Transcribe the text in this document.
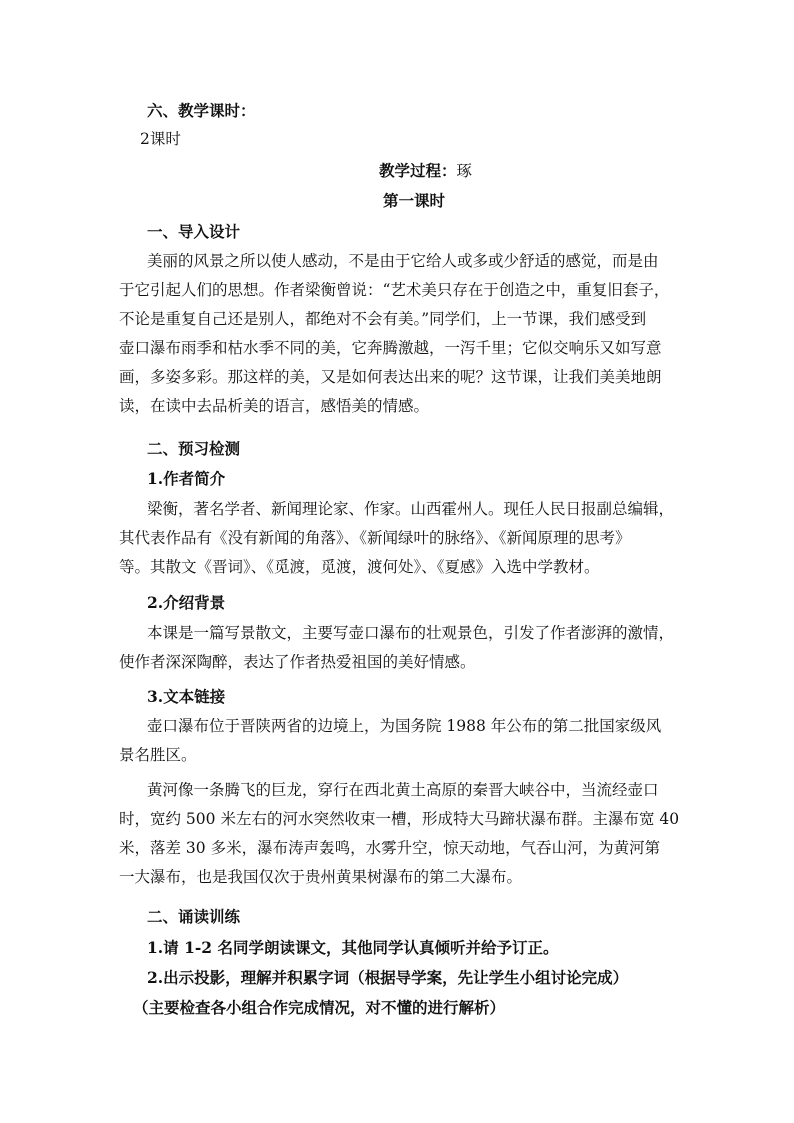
六、教学课时：
2课时
教学过程：琢
第一课时
一、导入设计
美丽的风景之所以使人感动，不是由于它给人或多或少舒适的感觉，而是由
于它引起人们的思想。作者梁衡曾说：“艺术美只存在于创造之中，重复旧套子，
不论是重复自己还是别人，都绝对不会有美。”同学们，上一节课，我们感受到
壶口瀑布雨季和枯水季不同的美，它奔腾激越，一泻千里；它似交响乐又如写意
画，多姿多彩。那这样的美，又是如何表达出来的呢？这节课，让我们美美地朗
读，在读中去品析美的语言，感悟美的情感。
二、预习检测
1.作者简介
梁衡，著名学者、新闻理论家、作家。山西霍州人。现任人民日报副总编辑，
其代表作品有《没有新闻的角落》、《新闻绿叶的脉络》、《新闻原理的思考》
等。其散文《晋词》、《觅渡，觅渡，渡何处》、《夏感》入选中学教材。
2.介绍背景
本课是一篇写景散文，主要写壶口瀑布的壮观景色，引发了作者澎湃的激情，
使作者深深陶醉，表达了作者热爱祖国的美好情感。
3.文本链接
壶口瀑布位于晋陕两省的边境上，为国务院 1988 年公布的第二批国家级风
景名胜区。
黄河像一条腾飞的巨龙，穿行在西北黄土高原的秦晋大峡谷中，当流经壶口
时，宽约 500 米左右的河水突然收束一槽，形成特大马蹄状瀑布群。主瀑布宽 40
米，落差 30 多米，瀑布涛声轰鸣，水雾升空，惊天动地，气吞山河，为黄河第
一大瀑布，也是我国仅次于贵州黄果树瀑布的第二大瀑布。
二、诵读训练
1.请 1-2 名同学朗读课文，其他同学认真倾听并给予订正。
2.出示投影，理解并积累字词（根据导学案，先让学生小组讨论完成）
（主要检查各小组合作完成情况，对不懂的进行解析）
